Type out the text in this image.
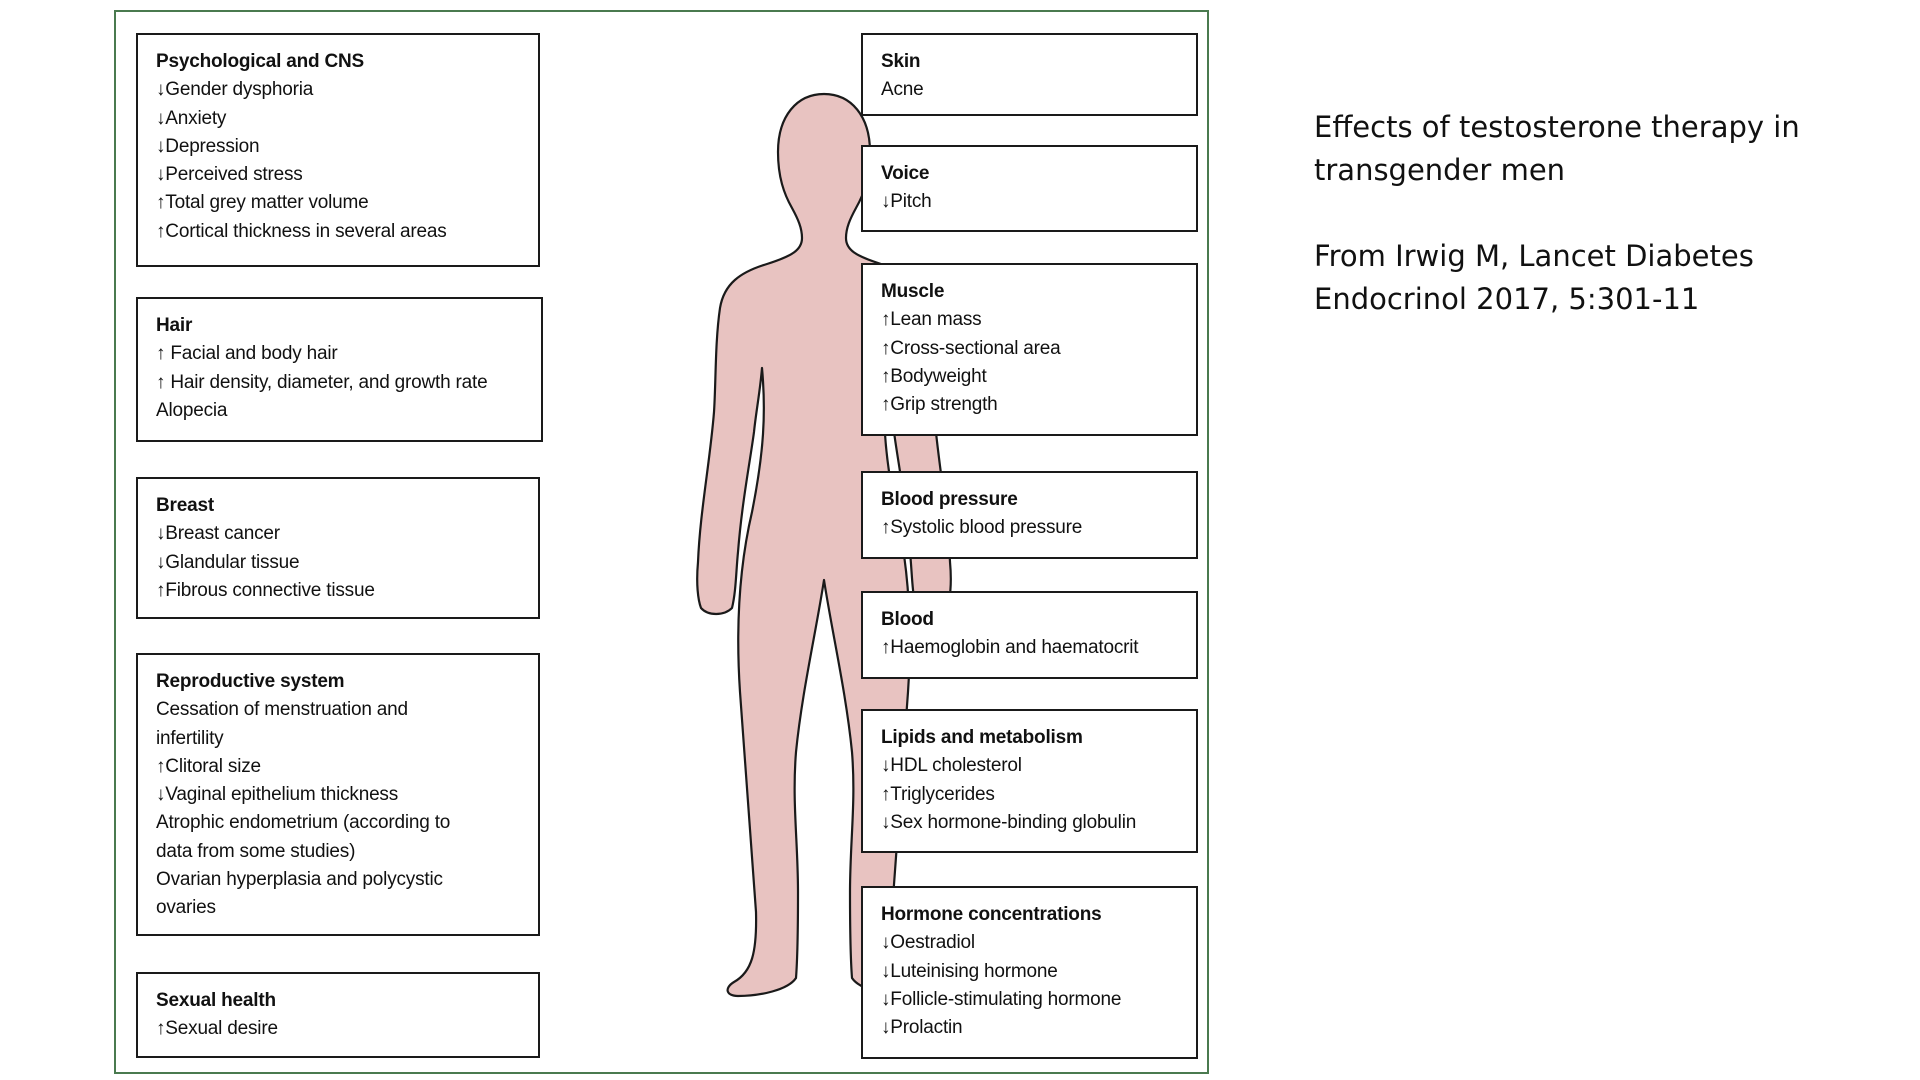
Psychological and CNS
↓Gender dysphoria
↓Anxiety
↓Depression
↓Perceived stress
↑Total grey matter volume
↑Cortical thickness in several areas
Hair
↑ Facial and body hair
↑ Hair density, diameter, and growth rate
Alopecia
Breast
↓Breast cancer
↓Glandular tissue
↑Fibrous connective tissue
Reproductive system
Cessation of menstruation and infertility
↑Clitoral size
↓Vaginal epithelium thickness
Atrophic endometrium (according to data from some studies)
Ovarian hyperplasia and polycystic ovaries
Sexual health
↑Sexual desire
Skin
Acne
Voice
↓Pitch
Muscle
↑Lean mass
↑Cross-sectional area
↑Bodyweight
↑Grip strength
Blood pressure
↑Systolic blood pressure
Blood
↑Haemoglobin and haematocrit
Lipids and metabolism
↓HDL cholesterol
↑Triglycerides
↓Sex hormone-binding globulin
Hormone concentrations
↓Oestradiol
↓Luteinising hormone
↓Follicle-stimulating hormone
↓Prolactin

Effects of testosterone therapy in transgender men

From Irwig M, Lancet Diabetes Endocrinol 2017, 5:301-11
